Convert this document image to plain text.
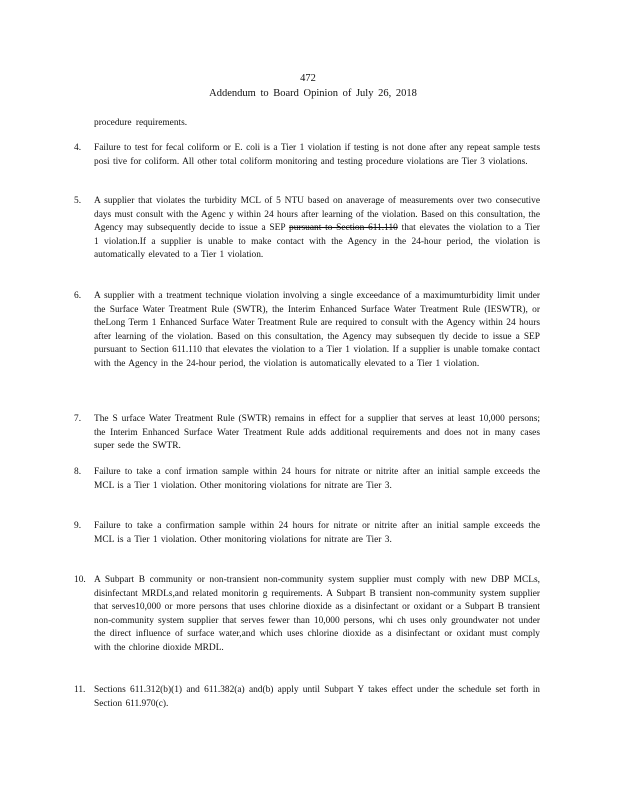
472
Addendum to Board Opinion of July 26, 2018
procedure requirements.
4. Failure to test for fecal coliform or E. coli is a Tier 1 violation if testing is not done after any repeat sample tests posi tive for coliform. All other total coliform monitoring and testing procedure violations are Tier 3 violations.
5. A supplier that violates the turbidity MCL of 5 NTU based on anaverage of measurements over two consecutive days must consult with the Agenc y within 24 hours after learning of the violation. Based on this consultation, the Agency may subsequently decide to issue a SEP pursuant to Section 611.110 that elevates the violation to a Tier 1 violation.If a supplier is unable to make contact with the Agency in the 24-hour period, the violation is automatically elevated to a Tier 1 violation.
6. A supplier with a treatment technique violation involving a single exceedance of a maximumturbidity limit under the Surface Water Treatment Rule (SWTR), the Interim Enhanced Surface Water Treatment Rule (IESWTR), or theLong Term 1 Enhanced Surface Water Treatment Rule are required to consult with the Agency within 24 hours after learning of the violation. Based on this consultation, the Agency may subsequen tly decide to issue a SEP pursuant to Section 611.110 that elevates the violation to a Tier 1 violation. If a supplier is unable tomake contact with the Agency in the 24-hour period, the violation is automatically elevated to a Tier 1 violation.
7. The S urface Water Treatment Rule (SWTR) remains in effect for a supplier that serves at least 10,000 persons; the Interim Enhanced Surface Water Treatment Rule adds additional requirements and does not in many cases super sede the SWTR.
8. Failure to take a conf irmation sample within 24 hours for nitrate or nitrite after an initial sample exceeds the MCL is a Tier 1 violation. Other monitoring violations for nitrate are Tier 3.
9. Failure to take a confirmation sample within 24 hours for nitrate or nitrite after an initial sample exceeds the MCL is a Tier 1 violation. Other monitoring violations for nitrate are Tier 3.
10. A Subpart B community or non-transient non-community system supplier must comply with new DBP MCLs, disinfectant MRDLs,and related monitorin g requirements. A Subpart B transient non-community system supplier that serves10,000 or more persons that uses chlorine dioxide as a disinfectant or oxidant or a Subpart B transient non-community system supplier that serves fewer than 10,000 persons, whi ch uses only groundwater not under the direct influence of surface water,and which uses chlorine dioxide as a disinfectant or oxidant must comply with the chlorine dioxide MRDL.
11. Sections 611.312(b)(1) and 611.382(a) and(b) apply until Subpart Y takes effect under the schedule set forth in Section 611.970(c).
